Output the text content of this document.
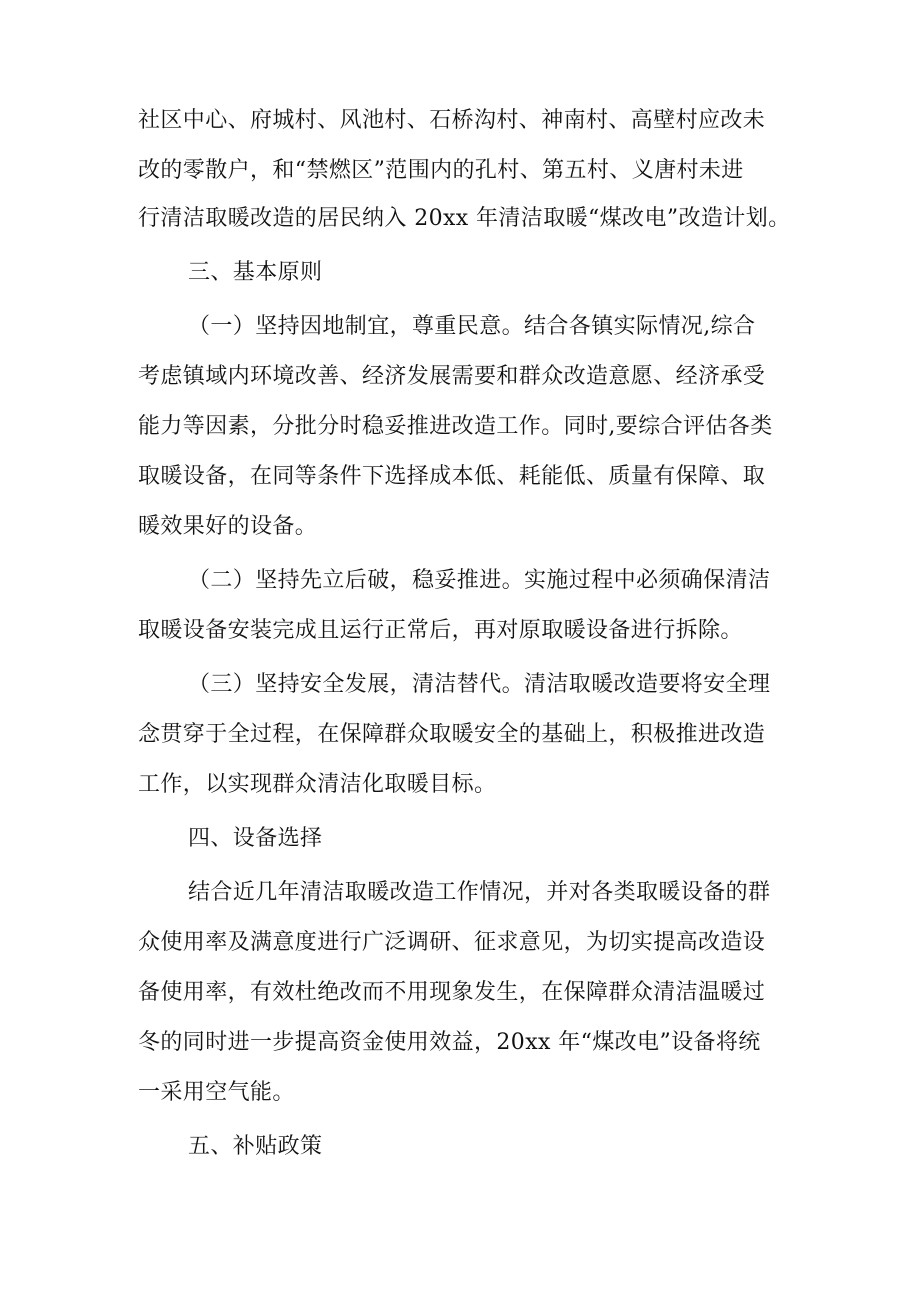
社区中心、府城村、风池村、石桥沟村、神南村、高壁村应改未
改的零散户，和“禁燃区”范围内的孔村、第五村、义唐村未进
行清洁取暖改造的居民纳入 20xx 年清洁取暖“煤改电”改造计划。
三、基本原则
（一）坚持因地制宜，尊重民意。结合各镇实际情况,综合
考虑镇域内环境改善、经济发展需要和群众改造意愿、经济承受
能力等因素，分批分时稳妥推进改造工作。同时,要综合评估各类
取暖设备，在同等条件下选择成本低、耗能低、质量有保障、取
暖效果好的设备。
（二）坚持先立后破，稳妥推进。实施过程中必须确保清洁
取暖设备安装完成且运行正常后，再对原取暖设备进行拆除。
（三）坚持安全发展，清洁替代。清洁取暖改造要将安全理
念贯穿于全过程，在保障群众取暖安全的基础上，积极推进改造
工作，以实现群众清洁化取暖目标。
四、设备选择
结合近几年清洁取暖改造工作情况，并对各类取暖设备的群
众使用率及满意度进行广泛调研、征求意见，为切实提高改造设
备使用率，有效杜绝改而不用现象发生，在保障群众清洁温暖过
冬的同时进一步提高资金使用效益，20xx 年“煤改电”设备将统
一采用空气能。
五、补贴政策
